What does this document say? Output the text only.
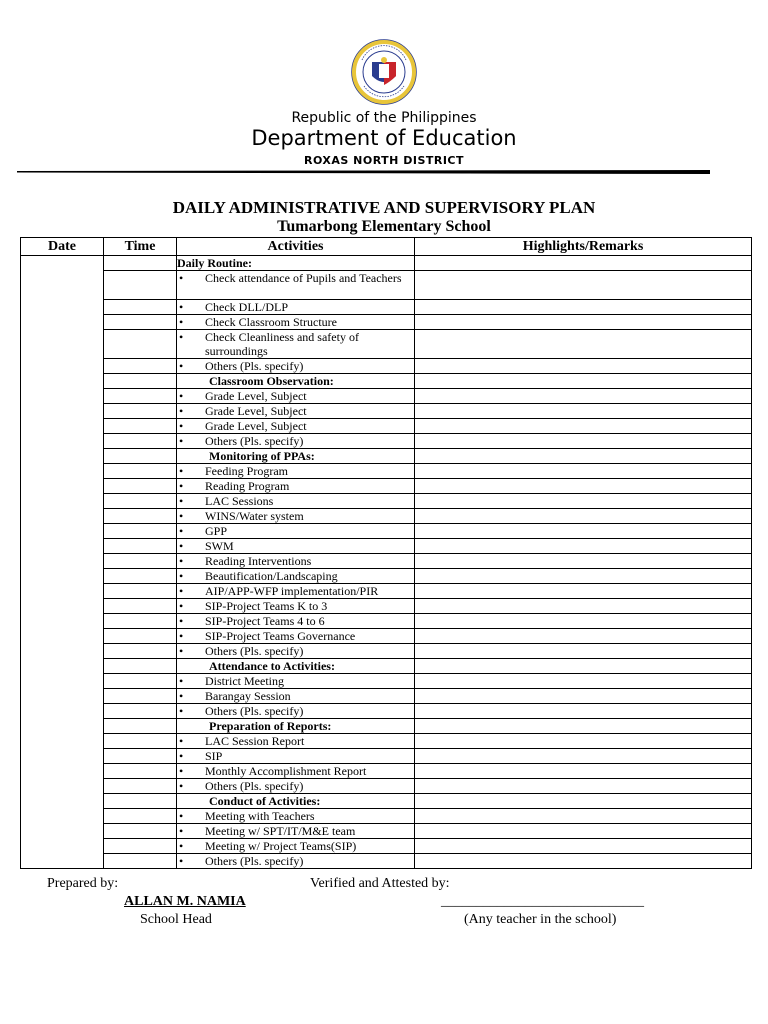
Republic of the Philippines
Department of Education
ROXAS NORTH DISTRICT
DAILY ADMINISTRATIVE AND SUPERVISORY PLAN
Tumarbong Elementary School
Date	Time	Activities	Highlights/Remarks
		Daily Routine:	

		• Check attendance of Pupils and Teachers	

		• Check DLL/DLP	

		• Check Classroom Structure	

		• Check Cleanliness and safety of surroundings	

		• Others (Pls. specify)	

		Classroom Observation:	

		• Grade Level, Subject	

		• Grade Level, Subject	

		• Grade Level, Subject	

		• Others (Pls. specify)	

		Monitoring of PPAs:	

		• Feeding Program	

		• Reading Program	

		• LAC Sessions	

		• WINS/Water system	

		• GPP	

		• SWM	

		• Reading Interventions	

		• Beautification/Landscaping	

		• AIP/APP-WFP implementation/PIR	

		• SIP-Project Teams K to 3	

		• SIP-Project Teams 4 to 6	

		• SIP-Project Teams Governance	

		• Others (Pls. specify)	

		Attendance to Activities:	

		• District Meeting	

		• Barangay Session	

		• Others (Pls. specify)	

		Preparation of Reports:	

		• LAC Session Report	

		• SIP	

		• Monthly Accomplishment Report	

		• Others (Pls. specify)	

		Conduct of Activities:	

		• Meeting with Teachers	

		• Meeting w/ SPT/IT/M&E team	

		• Meeting w/ Project Teams(SIP)	

		• Others (Pls. specify)	

Prepared by:	Verified and Attested by:
ALLAN M. NAMIA	_____________________________
School Head	(Any teacher in the school)
